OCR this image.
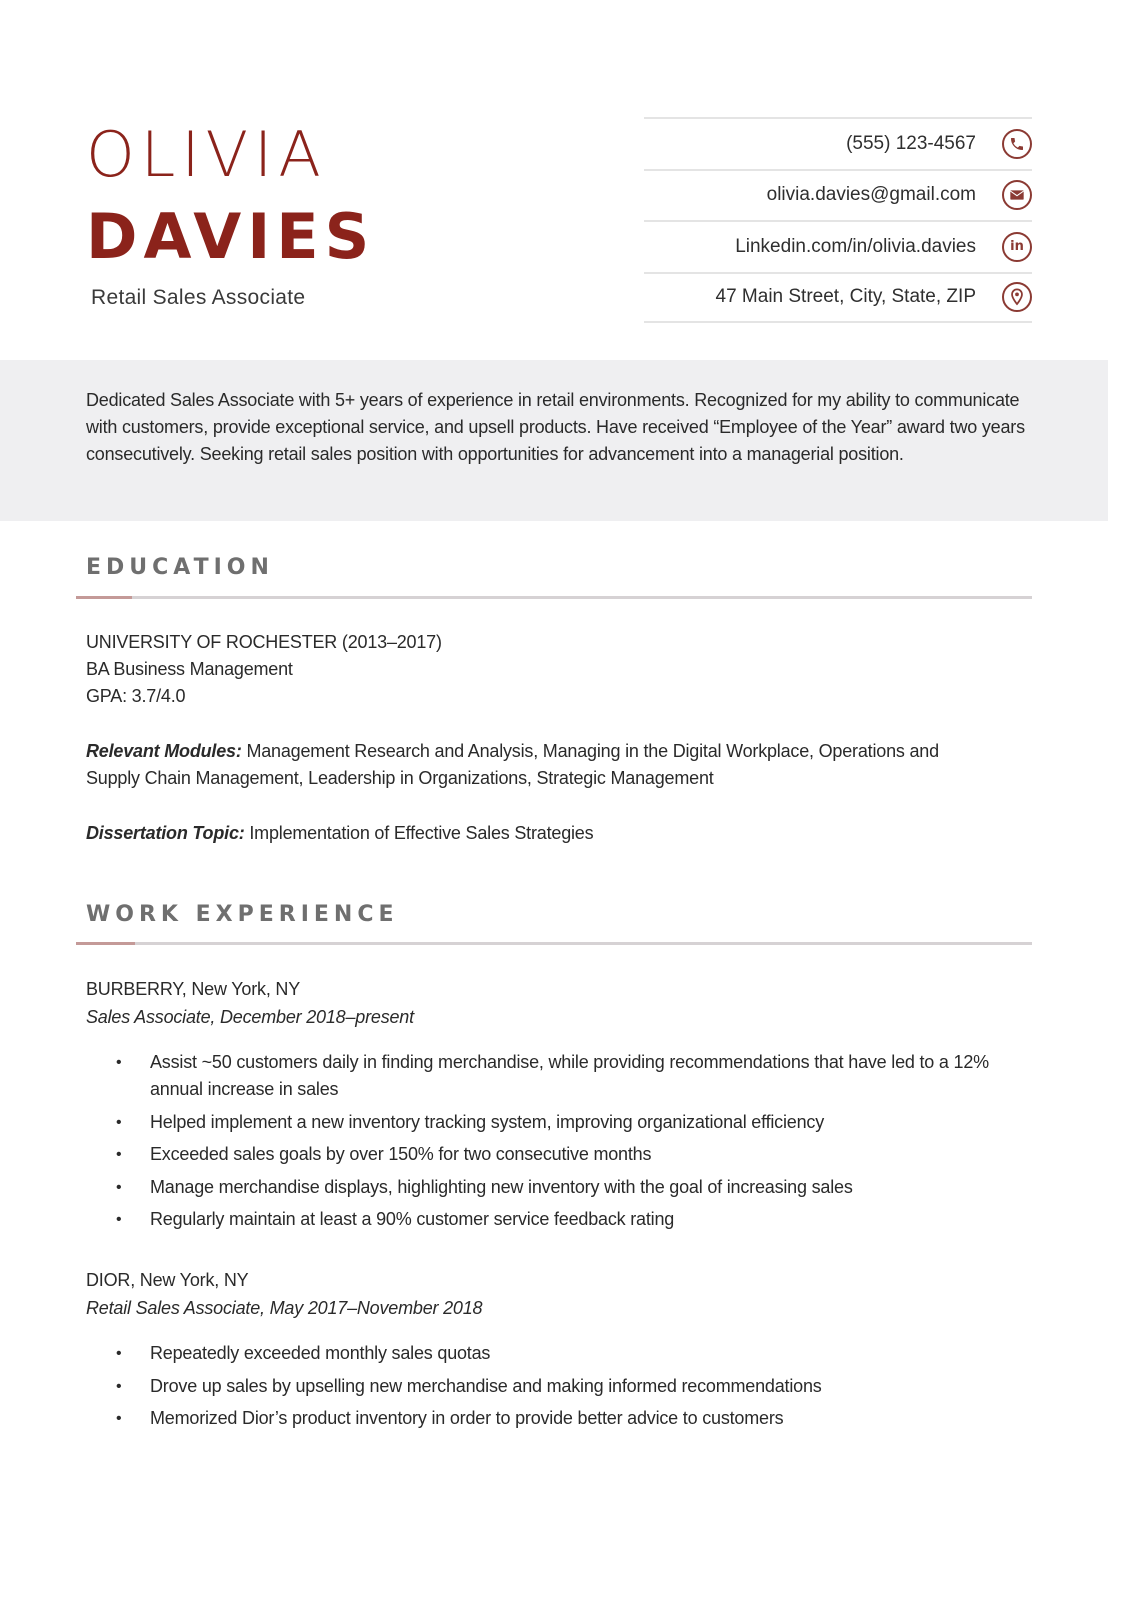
OLIVIA
DAVIES
Retail Sales Associate
(555) 123-4567
olivia.davies@gmail.com
Linkedin.com/in/olivia.davies	in
47 Main Street, City, State, ZIP

Dedicated Sales Associate with 5+ years of experience in retail environments. Recognized for my ability to communicate with customers, provide exceptional service, and upsell products. Have received “Employee of the Year” award two years consecutively. Seeking retail sales position with opportunities for advancement into a managerial position.

EDUCATION
UNIVERSITY OF ROCHESTER (2013–2017)
BA Business Management
GPA: 3.7/4.0
Relevant Modules: Management Research and Analysis, Managing in the Digital Workplace, Operations and Supply Chain Management, Leadership in Organizations, Strategic Management
Dissertation Topic: Implementation of Effective Sales Strategies
WORK EXPERIENCE
BURBERRY, New York, NY
Sales Associate, December 2018–present
• Assist ~50 customers daily in finding merchandise, while providing recommendations that have led to a 12% annual increase in sales
• Helped implement a new inventory tracking system, improving organizational efficiency
• Exceeded sales goals by over 150% for two consecutive months
• Manage merchandise displays, highlighting new inventory with the goal of increasing sales
• Regularly maintain at least a 90% customer service feedback rating
DIOR, New York, NY
Retail Sales Associate, May 2017–November 2018
• Repeatedly exceeded monthly sales quotas
• Drove up sales by upselling new merchandise and making informed recommendations
• Memorized Dior’s product inventory in order to provide better advice to customers
